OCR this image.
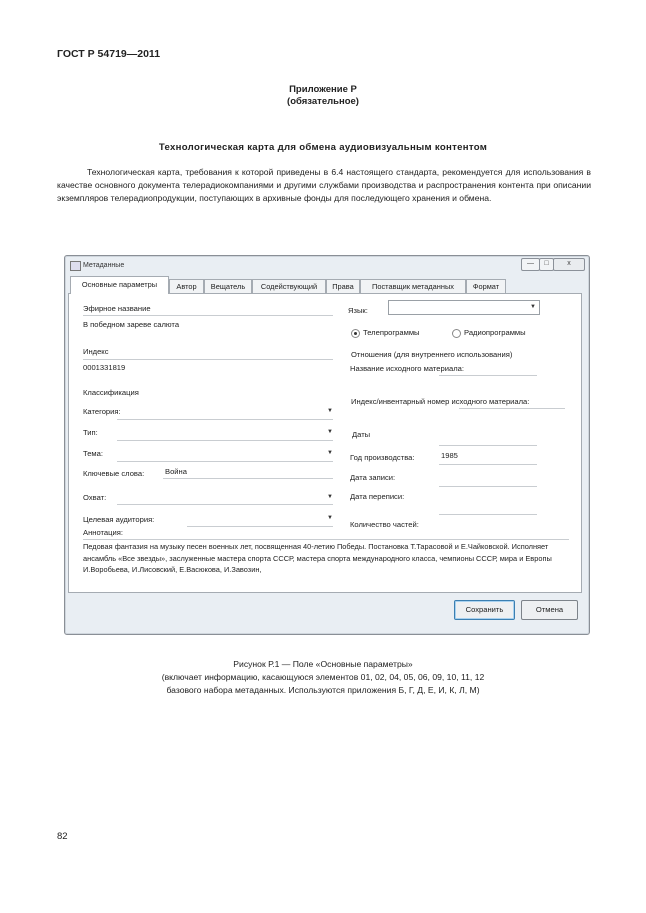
ГОСТ Р 54719—2011
Приложение Р
(обязательное)
Технологическая карта для обмена аудиовизуальным контентом
Технологическая карта, требования к которой приведены в 6.4 настоящего стандарта, рекомендуется для использования в качестве основного документа телерадиокомпаниями и другими службами производства и распространения контента при описании экземпляров телерадиопродукции, поступающих в архивные фонды для последующего хранения и обмена.
Метаданные	—	□	x
Основные параметры	Автор	Вещатель	Содействующий	Права	Поставщик метаданных	Формат
Эфирное название
В победном зареве салюта
Индекс
0001331819
Классификация
Категория:	▼
Тип:	▼
Тема:	▼
Ключевые слова:	Война
Охват:	▼
Целевая аудитория:	▼
Аннотация:
Педовая фантазия на музыку песен военных лет, посвященная 40-летию Победы. Постановка Т.Тарасовой и Е.Чайковской. Исполняет ансамбль «Все звезды», заслуженные мастера спорта СССР, мастера спорта международного класса, чемпионы СССР, мира и Европы И.Воробьева, И.Лисовский, Е.Васюкова, И.Завозин,
Язык:	▼
Телепрограммы	Радиопрограммы
Отношения (для внутреннего использования)
Название исходного материала:
Индекс/инвентарный номер исходного материала:
Даты
Год производства:	1985
Дата записи:
Дата переписи:
Количество частей:
Сохранить	Отмена
Рисунок Р.1 — Поле «Основные параметры»
(включает информацию, касающуюся элементов 01, 02, 04, 05, 06, 09, 10, 11, 12
базового набора метаданных. Используются приложения Б, Г, Д, Е, И, К, Л, М)
82
